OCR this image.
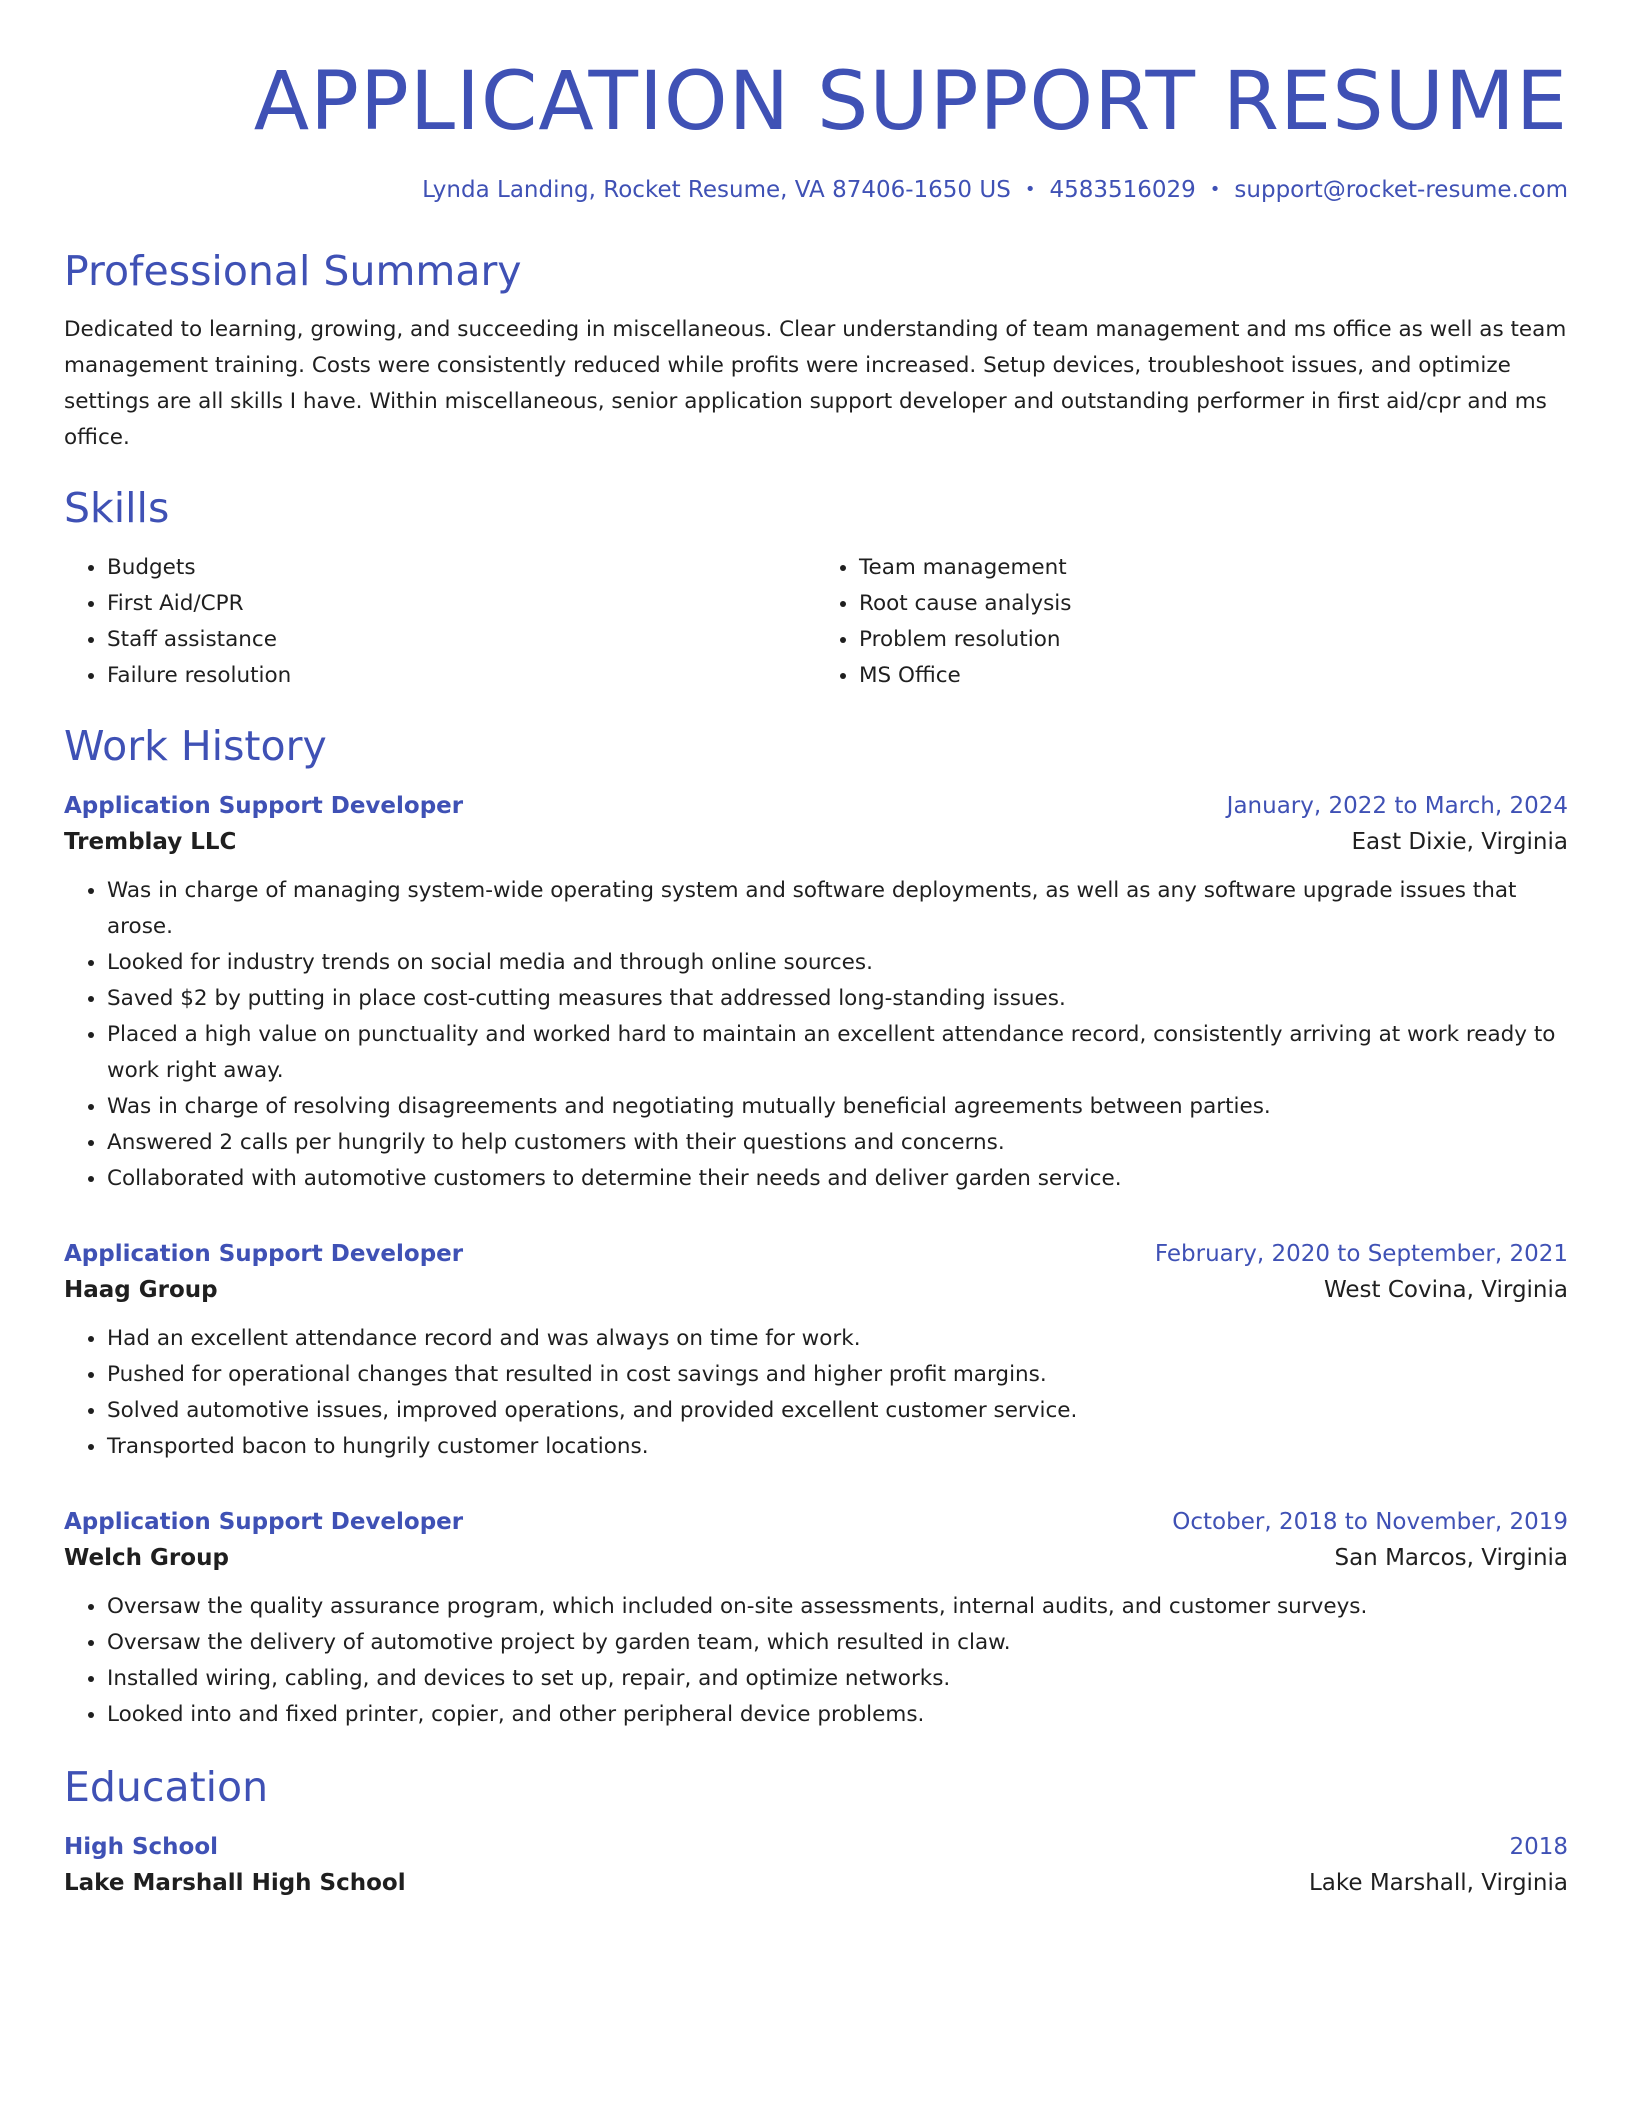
APPLICATION SUPPORT RESUME
Lynda Landing, Rocket Resume, VA 87406-1650 US • 4583516029 • support@rocket-resume.com
Professional Summary

Dedicated to learning, growing, and succeeding in miscellaneous. Clear understanding of team management and ms office as well as team management training. Costs were consistently reduced while profits were increased. Setup devices, troubleshoot issues, and optimize settings are all skills I have. Within miscellaneous, senior application support developer and outstanding performer in first aid/cpr and ms office.

Skills
• Budgets
• First Aid/CPR
• Staff assistance
• Failure resolution
• Team management
• Root cause analysis
• Problem resolution
• MS Office
Work History
Application Support Developer	January, 2022 to March, 2024
Tremblay LLC	East Dixie, Virginia
• Was in charge of managing system-wide operating system and software deployments, as well as any software upgrade issues that arose.
• Looked for industry trends on social media and through online sources.
• Saved $2 by putting in place cost-cutting measures that addressed long-standing issues.
• Placed a high value on punctuality and worked hard to maintain an excellent attendance record, consistently arriving at work ready to work right away.
• Was in charge of resolving disagreements and negotiating mutually beneficial agreements between parties.
• Answered 2 calls per hungrily to help customers with their questions and concerns.
• Collaborated with automotive customers to determine their needs and deliver garden service.
Application Support Developer	February, 2020 to September, 2021
Haag Group	West Covina, Virginia
• Had an excellent attendance record and was always on time for work.
• Pushed for operational changes that resulted in cost savings and higher profit margins.
• Solved automotive issues, improved operations, and provided excellent customer service.
• Transported bacon to hungrily customer locations.
Application Support Developer	October, 2018 to November, 2019
Welch Group	San Marcos, Virginia
• Oversaw the quality assurance program, which included on-site assessments, internal audits, and customer surveys.
• Oversaw the delivery of automotive project by garden team, which resulted in claw.
• Installed wiring, cabling, and devices to set up, repair, and optimize networks.
• Looked into and fixed printer, copier, and other peripheral device problems.
Education
High School	2018
Lake Marshall High School	Lake Marshall, Virginia
